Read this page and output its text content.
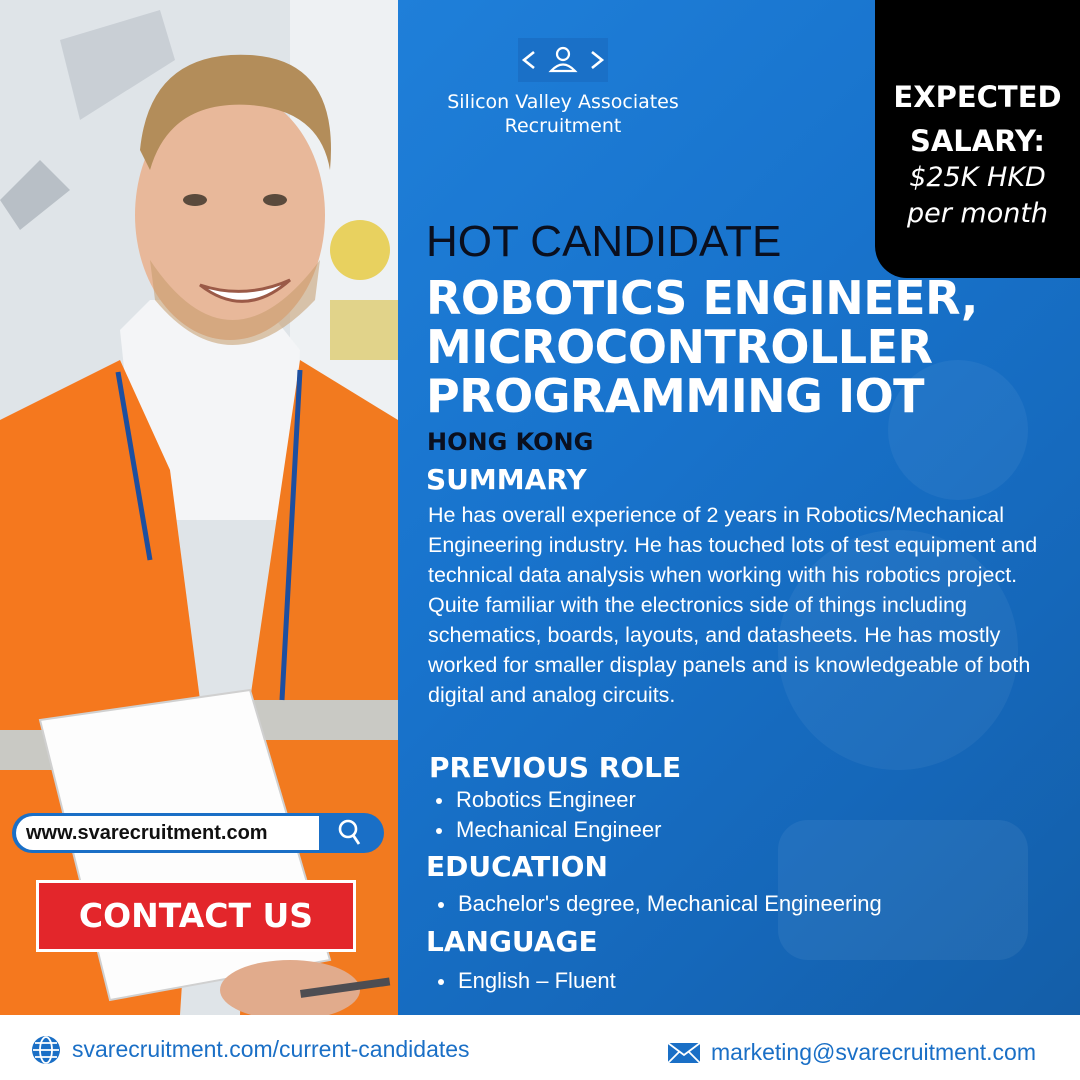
Silicon Valley Associates
Recruitment
EXPECTED
SALARY:
$25K HKD
per month
HOT CANDIDATE
ROBOTICS ENGINEER,
MICROCONTROLLER
PROGRAMMING IOT
HONG KONG
SUMMARY
He has overall experience of 2 years in Robotics/Mechanical Engineering industry. He has touched lots of test equipment and technical data analysis when working with his robotics project. Quite familiar with the electronics side of things including schematics, boards, layouts, and datasheets. He has mostly worked for smaller display panels and is knowledgeable of both digital and analog circuits.
PREVIOUS ROLE
Robotics Engineer
Mechanical Engineer
EDUCATION
Bachelor's degree, Mechanical Engineering
LANGUAGE
English – Fluent
www.svarecruitment.com
CONTACT US
svarecruitment.com/current-candidates	marketing@svarecruitment.com
